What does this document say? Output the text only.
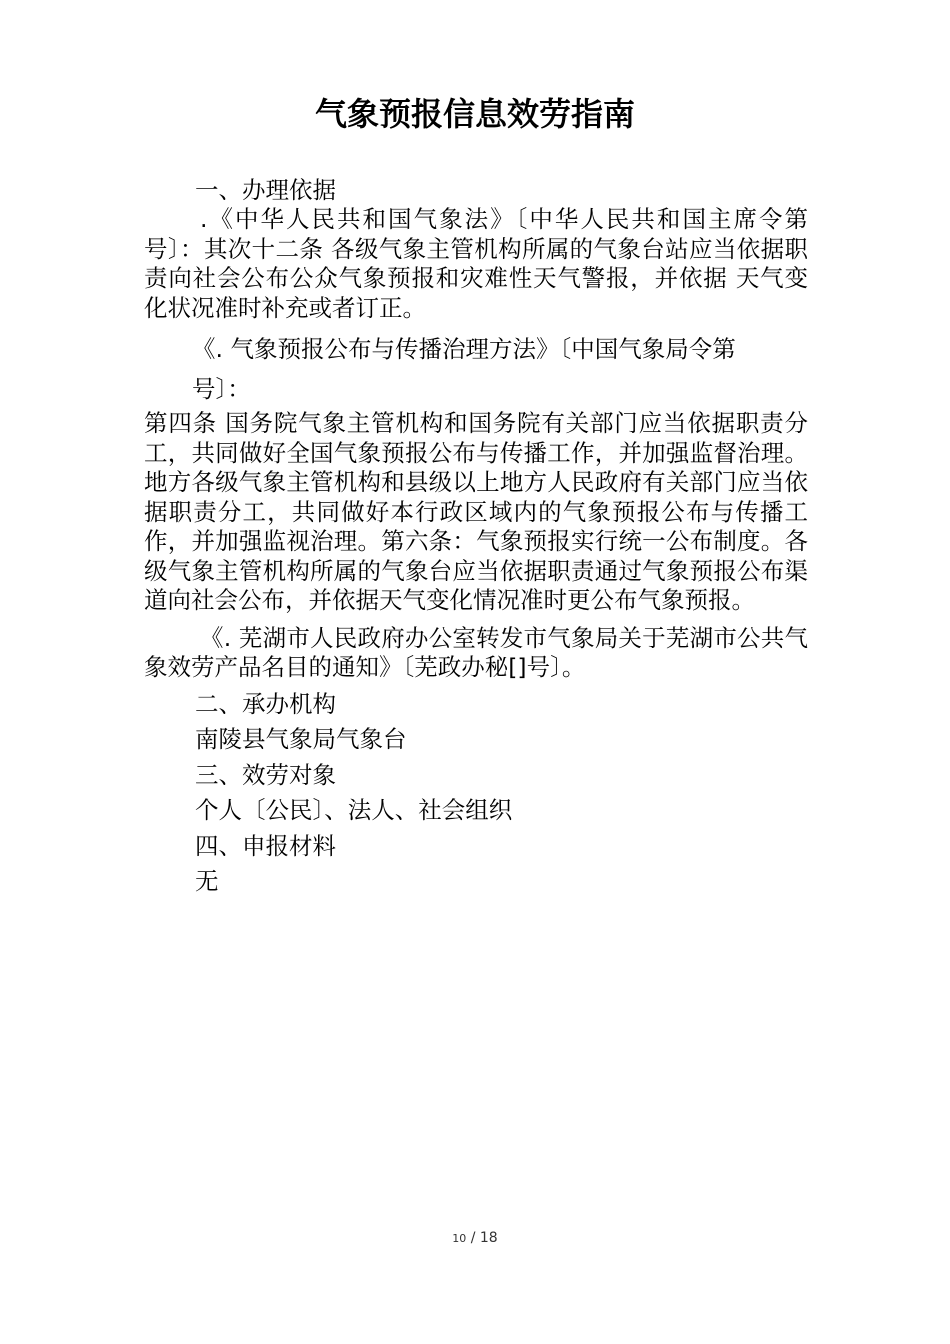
气象预报信息效劳指南

一、办理依据

.《中华人民共和国气象法》〔中华人民共和国主席令第号〕：其次十二条 各级气象主管机构所属的气象台站应当依据职责向社会公布公众气象预报和灾难性天气警报，并依据 天气变化状况准时补充或者订正。

《. 气象预报公布与传播治理方法》〔中国气象局令第

号〕：

第四条 国务院气象主管机构和国务院有关部门应当依据职责分工，共同做好全国气象预报公布与传播工作，并加强监督治理。地方各级气象主管机构和县级以上地方人民政府有关部门应当依据职责分工，共同做好本行政区域内的气象预报公布与传播工作，并加强监视治理。第六条：气象预报实行统一公布制度。各级气象主管机构所属的气象台应当依据职责通过气象预报公布渠道向社会公布，并依据天气变化情况准时更公布气象预报。

《. 芜湖市人民政府办公室转发市气象局关于芜湖市公共气象效劳产品名目的通知》〔芜政办秘[]号〕。

二、承办机构

南陵县气象局气象台

三、效劳对象

个人〔公民〕、法人、社会组织

四、申报材料

无

10 / 18
